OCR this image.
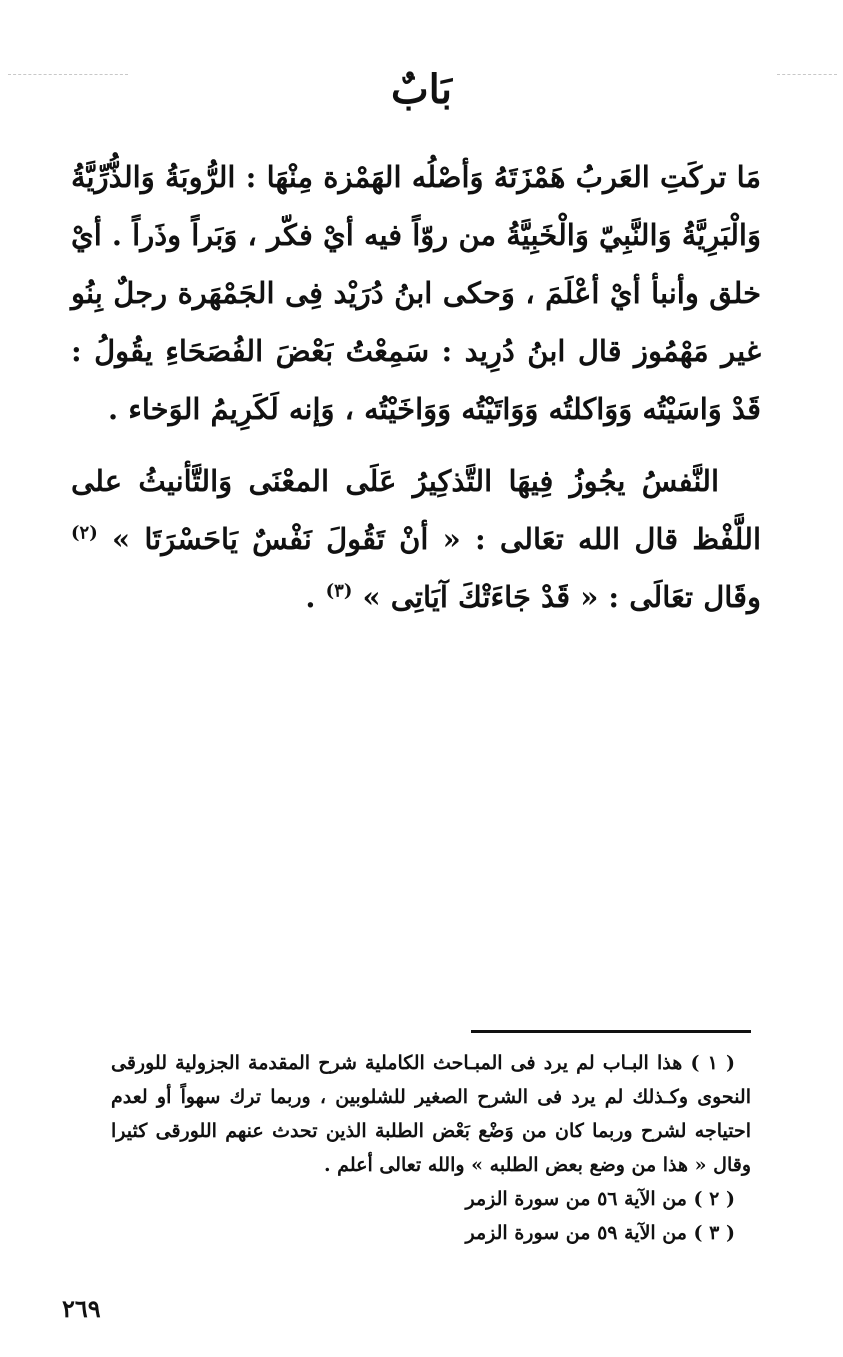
بَابٌ

مَا تركَتِ العَربُ هَمْزَتَهُ وَأصْلُه الهَمْزة مِنْهَا : الرُّوبَةُ وَالذُّرِّيَّةُ وَالْبَرِيَّةُ وَالنَّبِيّ وَالْخَبِيَّةُ من روّاً فيه أيْ فكّر ، وَبَراً وذَراً . أيْ خلق وأنبأ أيْ أعْلَمَ ، وَحكى ابنُ دُرَيْد فِى الجَمْهَرة رجلٌ بِنُو غير مَهْمُوز قال ابنُ دُرِيد : سَمِعْتُ بَعْضَ الفُصَحَاءِ يقُولُ : قَدْ وَاسَيْتُه وَوَاكلتُه وَوَاتَيْتُه وَوَاخَيْتُه ، وَإنه لَكَرِيمُ الوَخاء .

النَّفسُ يجُوزُ فِيهَا التَّذكِيرُ عَلَى المعْنَى وَالتَّأنيثُ على اللَّفْظ قال الله تعَالى : « أنْ تَقُولَ نَفْسٌ يَاحَسْرَتَا » $^{(٢)}$ وقَال تعَالَى : « قَدْ جَاءَتْكَ آيَاتِى » $^{(٣)}$ .

( ١ ) هذا البـاب لم يرد فى المبـاحث الكاملية شرح المقدمة الجزولية للورقى النحوى وكـذلك لم يرد فى الشرح الصغير للشلوبين ، وربما ترك سهواً أو لعدم احتياجه لشرح وربما كان من وَضْع بَعْض الطلبة الذين تحدث عنهم اللورقى كثيرا وقال « هذا من وضع بعض الطلبه » والله تعالى أعلم .

( ٢ ) من الآية ٥٦ من سورة الزمر

( ٣ ) من الآية ٥٩ من سورة الزمر

٢٦٩
